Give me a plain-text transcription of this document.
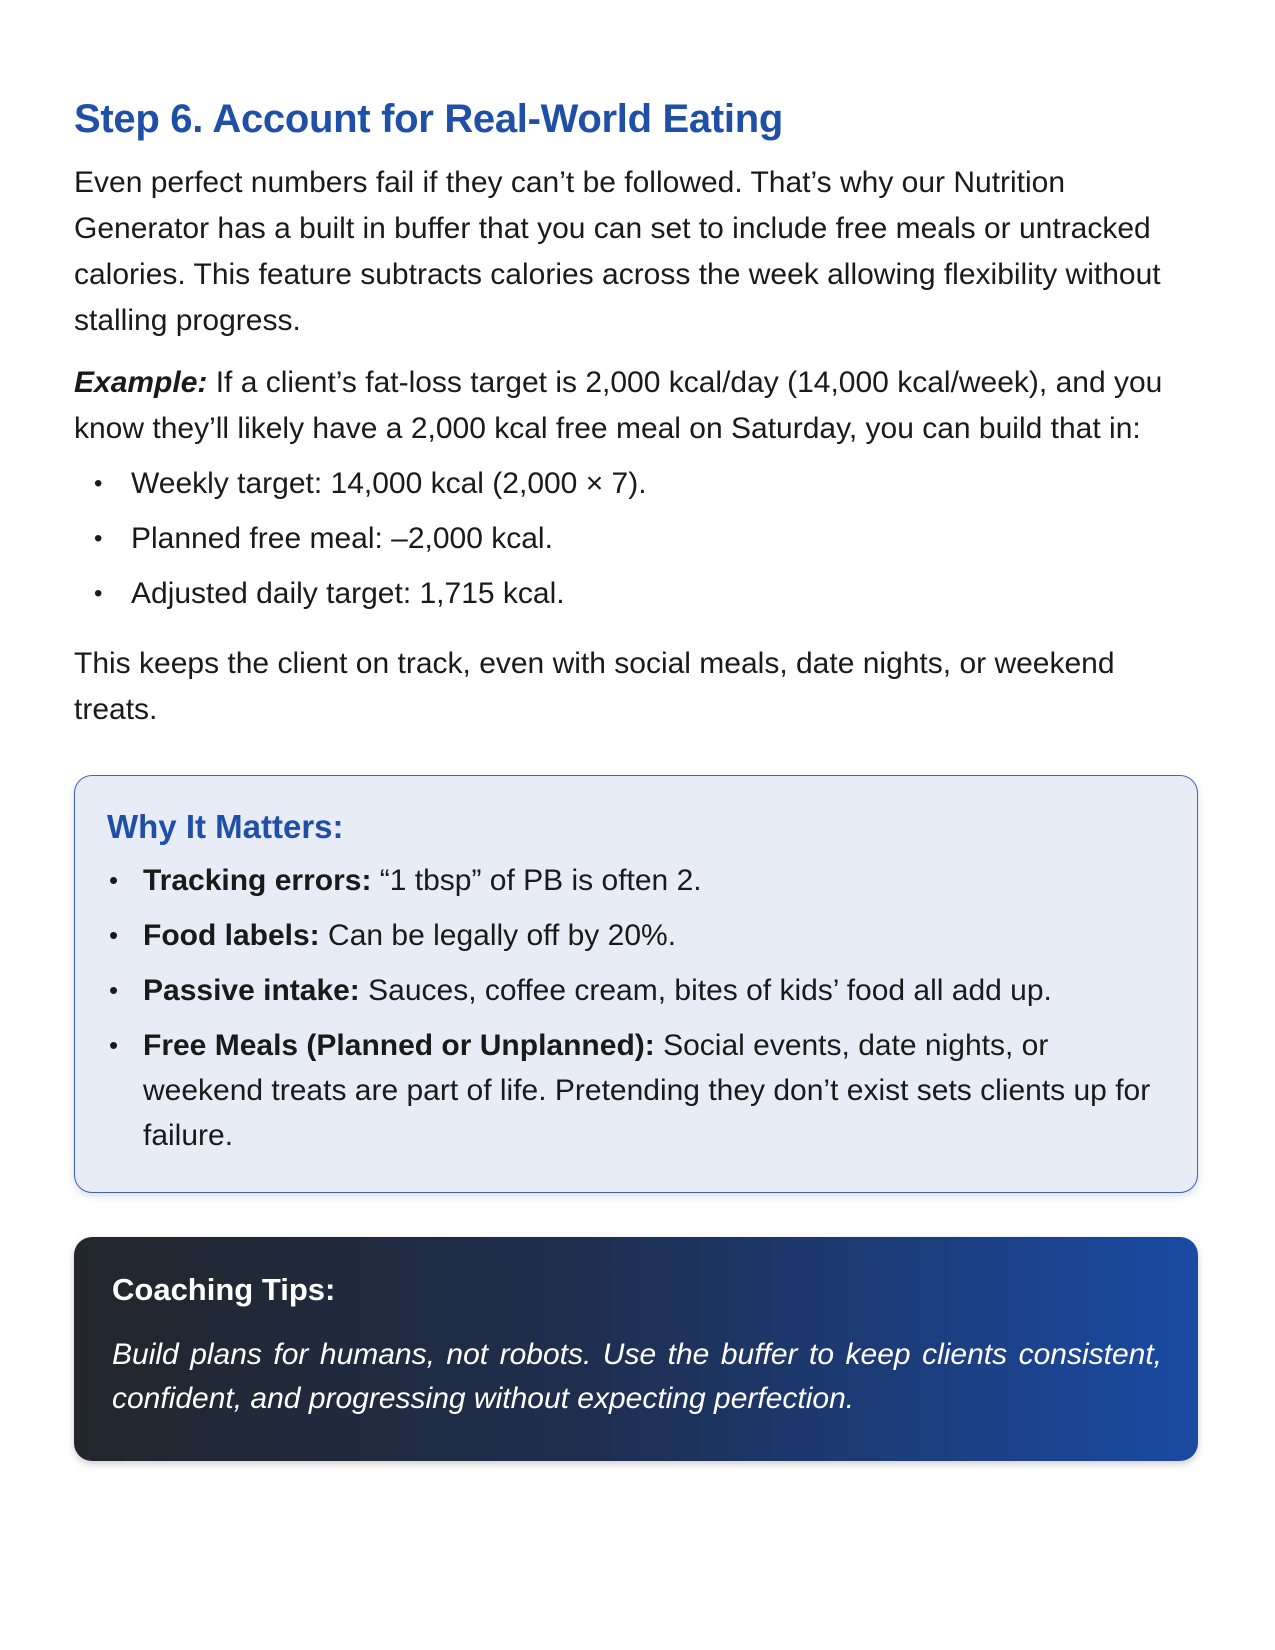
Step 6. Account for Real-World Eating

Even perfect numbers fail if they can’t be followed. That’s why our Nutrition Generator has a built in buffer that you can set to include free meals or untracked calories. This feature subtracts calories across the week allowing flexibility without stalling progress.

Example: If a client’s fat-loss target is 2,000 kcal/day (14,000 kcal/week), and you know they’ll likely have a 2,000 kcal free meal on Saturday, you can build that in:

• Weekly target: 14,000 kcal (2,000 × 7).
• Planned free meal: –2,000 kcal.
• Adjusted daily target: 1,715 kcal.

This keeps the client on track, even with social meals, date nights, or weekend treats.

Why It Matters:
• Tracking errors: “1 tbsp” of PB is often 2.
• Food labels: Can be legally off by 20%.
• Passive intake: Sauces, coffee cream, bites of kids’ food all add up.
• Free Meals (Planned or Unplanned): Social events, date nights, or weekend treats are part of life. Pretending they don’t exist sets clients up for failure.
Coaching Tips:

Build plans for humans, not robots. Use the buffer to keep clients consistent, confident, and progressing without expecting perfection.
